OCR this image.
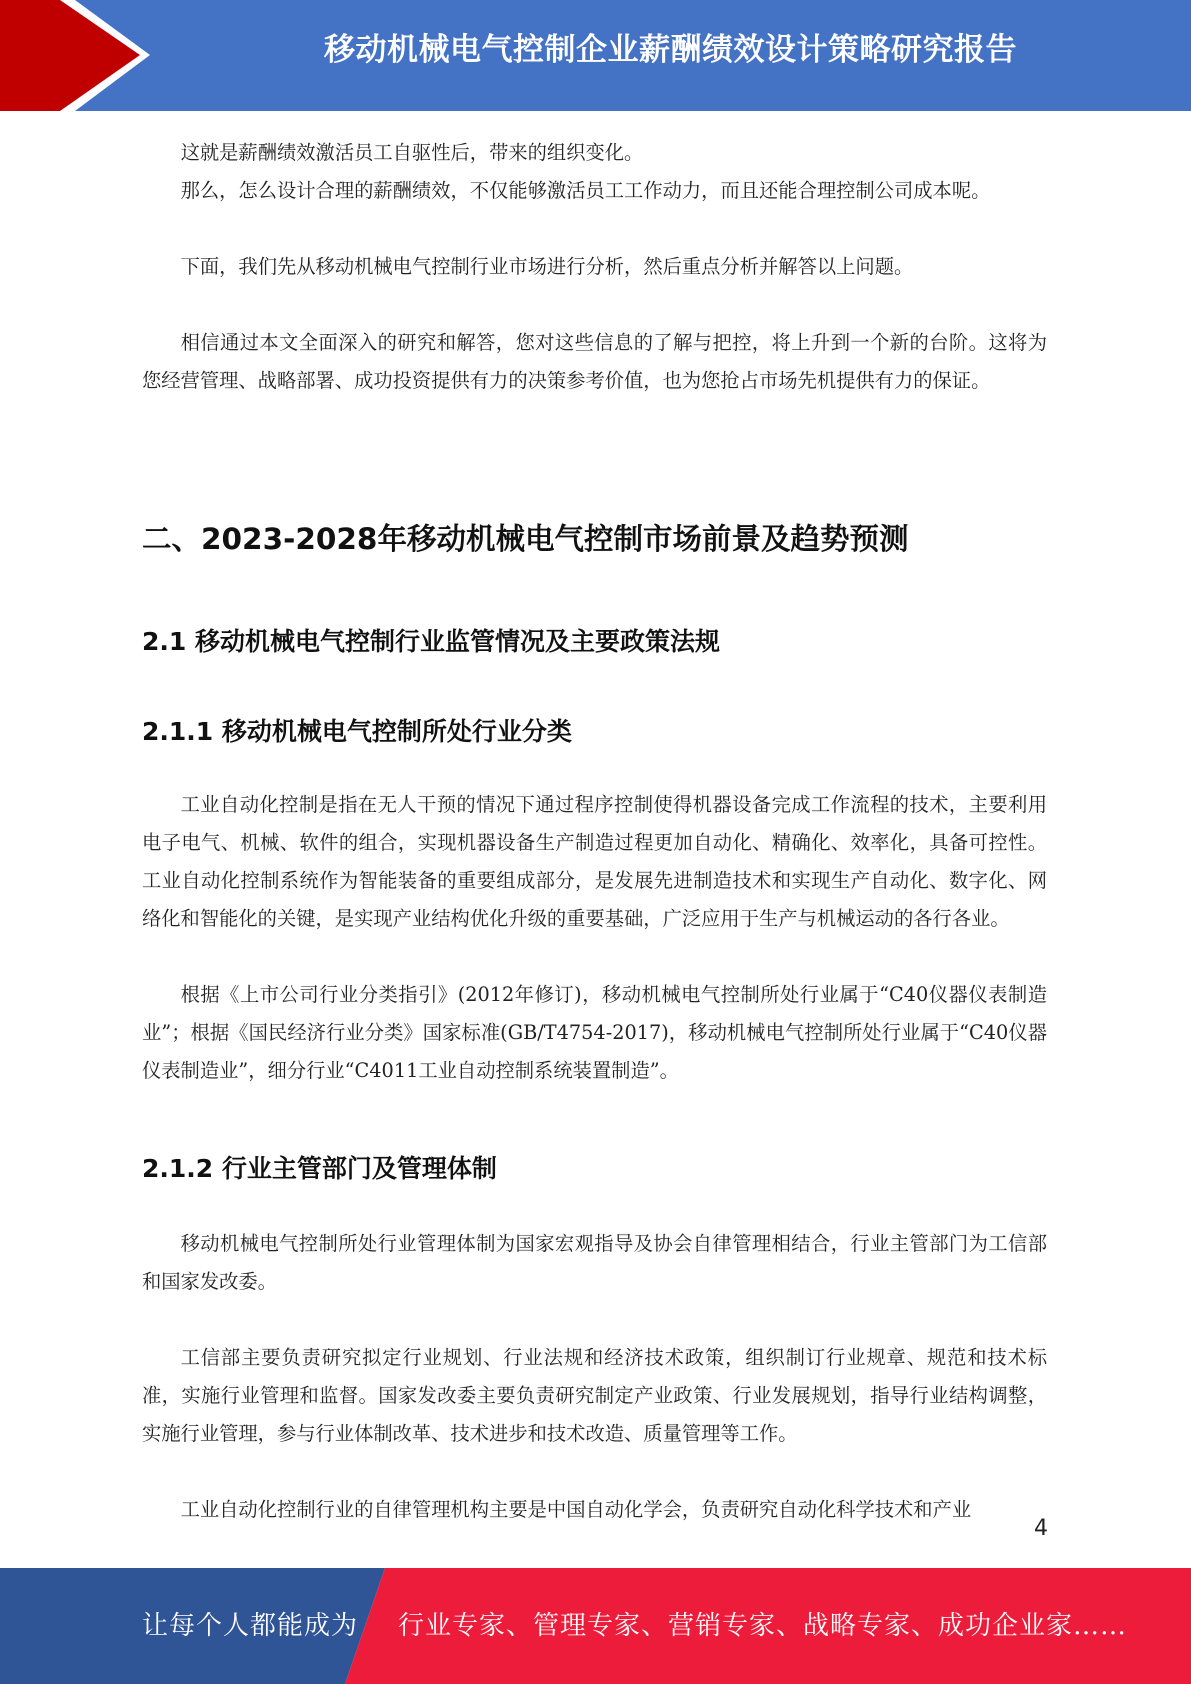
移动机械电气控制企业薪酬绩效设计策略研究报告

这就是薪酬绩效激活员工自驱性后，带来的组织变化。

那么，怎么设计合理的薪酬绩效，不仅能够激活员工工作动力，而且还能合理控制公司成本呢。

下面，我们先从移动机械电气控制行业市场进行分析，然后重点分析并解答以上问题。

相信通过本文全面深入的研究和解答，您对这些信息的了解与把控，将上升到一个新的台阶。这将为您经营管理、战略部署、成功投资提供有力的决策参考价值，也为您抢占市场先机提供有力的保证。

二、2023-2028年移动机械电气控制市场前景及趋势预测
2.1 移动机械电气控制行业监管情况及主要政策法规
2.1.1 移动机械电气控制所处行业分类

工业自动化控制是指在无人干预的情况下通过程序控制使得机器设备完成工作流程的技术，主要利用电子电气、机械、软件的组合，实现机器设备生产制造过程更加自动化、精确化、效率化，具备可控性。工业自动化控制系统作为智能装备的重要组成部分，是发展先进制造技术和实现生产自动化、数字化、网络化和智能化的关键，是实现产业结构优化升级的重要基础，广泛应用于生产与机械运动的各行各业。

根据《上市公司行业分类指引》(2012年修订)，移动机械电气控制所处行业属于“C40仪器仪表制造业”；根据《国民经济行业分类》国家标准(GB/T4754-2017)，移动机械电气控制所处行业属于“C40仪器仪表制造业”，细分行业“C4011工业自动控制系统装置制造”。

2.1.2 行业主管部门及管理体制

移动机械电气控制所处行业管理体制为国家宏观指导及协会自律管理相结合，行业主管部门为工信部和国家发改委。

工信部主要负责研究拟定行业规划、行业法规和经济技术政策，组织制订行业规章、规范和技术标准，实施行业管理和监督。国家发改委主要负责研究制定产业政策、行业发展规划，指导行业结构调整，实施行业管理，参与行业体制改革、技术进步和技术改造、质量管理等工作。

工业自动化控制行业的自律管理机构主要是中国自动化学会，负责研究自动化科学技术和产业

4
让每个人都能成为 行业专家、管理专家、营销专家、战略专家、成功企业家……
